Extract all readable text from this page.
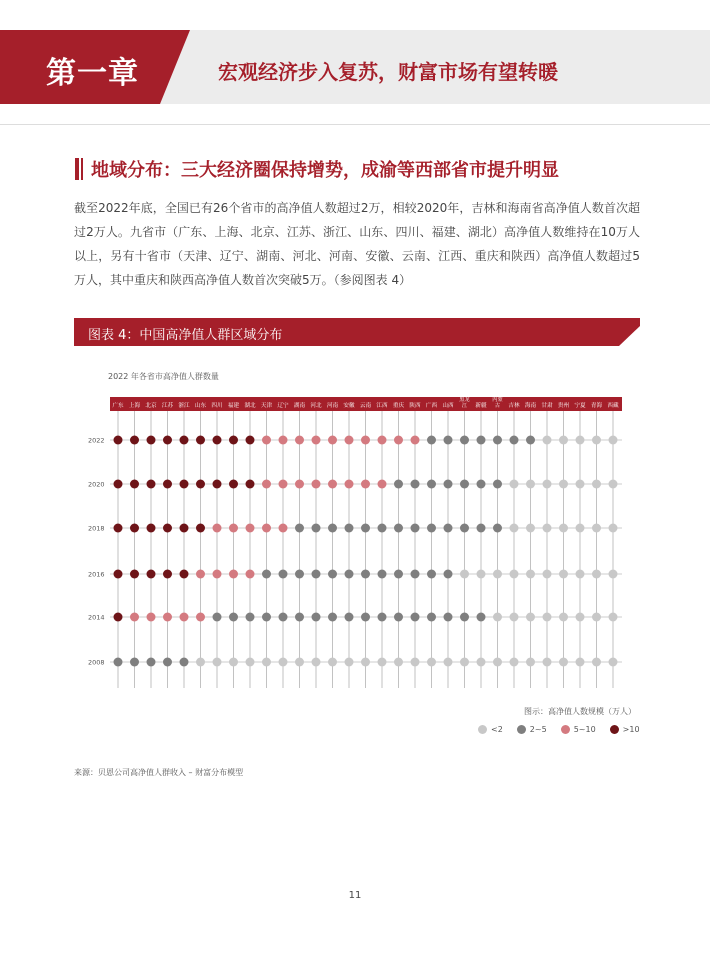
第一章	宏观经济步入复苏，财富市场有望转暖
地域分布：三大经济圈保持增势，成渝等西部省市提升明显
截至2022年底，全国已有26个省市的高净值人数超过2万，相较2020年，吉林和海南省高净值人数首次超过2万人。九省市（广东、上海、北京、江苏、浙江、山东、四川、福建、湖北）高净值人数维持在10万人以上，另有十省市（天津、辽宁、湖南、河北、河南、安徽、云南、江西、重庆和陕西）高净值人数超过5万人，其中重庆和陕西高净值人数首次突破5万。（参阅图表 4）
图表 4：中国高净值人群区域分布
2022 年各省市高净值人群数量
广东 上海 北京 江苏 浙江 山东 四川 福建 湖北 天津 辽宁 湖南 河北 河南 安徽 云南 江西 重庆 陕西 广西 山西
黑龙江	新疆
内蒙古	吉林 海南 甘肃 贵州 宁夏 青海 西藏
2022
2020
2018
2016
2014
2008
图示：高净值人数规模（万人）
<2	2~5	5~10	>10
来源：贝恩公司高净值人群收入 – 财富分布模型
11
